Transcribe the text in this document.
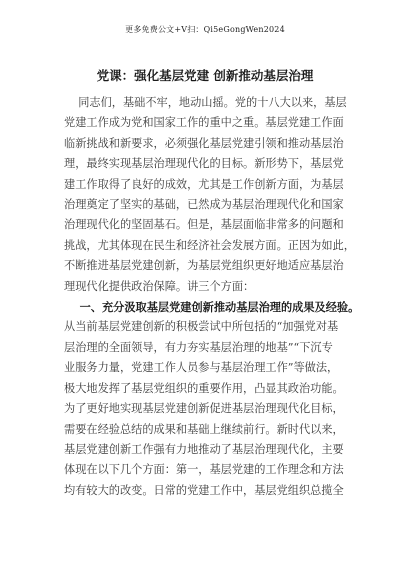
更多免费公文+V扫：Qi5eGongWen2024
党课：强化基层党建 创新推动基层治理

同志们，基础不牢，地动山摇。党的十八大以来，基层

党建工作成为党和国家工作的重中之重。基层党建工作面

临新挑战和新要求，必须强化基层党建引领和推动基层治

理，最终实现基层治理现代化的目标。新形势下，基层党

建工作取得了良好的成效，尤其是工作创新方面，为基层

治理奠定了坚实的基础，已然成为基层治理现代化和国家

治理现代化的坚固基石。但是，基层面临非常多的问题和

挑战，尤其体现在民生和经济社会发展方面。正因为如此，

不断推进基层党建创新，为基层党组织更好地适应基层治

理现代化提供政治保障。讲三个方面：

一、充分汲取基层党建创新推动基层治理的成果及经验。

从当前基层党建创新的积极尝试中所包括的“加强党对基

层治理的全面领导，有力夯实基层治理的地基”“下沉专

业服务力量，党建工作人员参与基层治理工作”等做法，

极大地发挥了基层党组织的重要作用，凸显其政治功能。

为了更好地实现基层党建创新促进基层治理现代化目标，

需要在经验总结的成果和基础上继续前行。新时代以来，

基层党建创新工作强有力地推动了基层治理现代化，主要

体现在以下几个方面：第一，基层党建的工作理念和方法

均有较大的改变。日常的党建工作中，基层党组织总揽全
